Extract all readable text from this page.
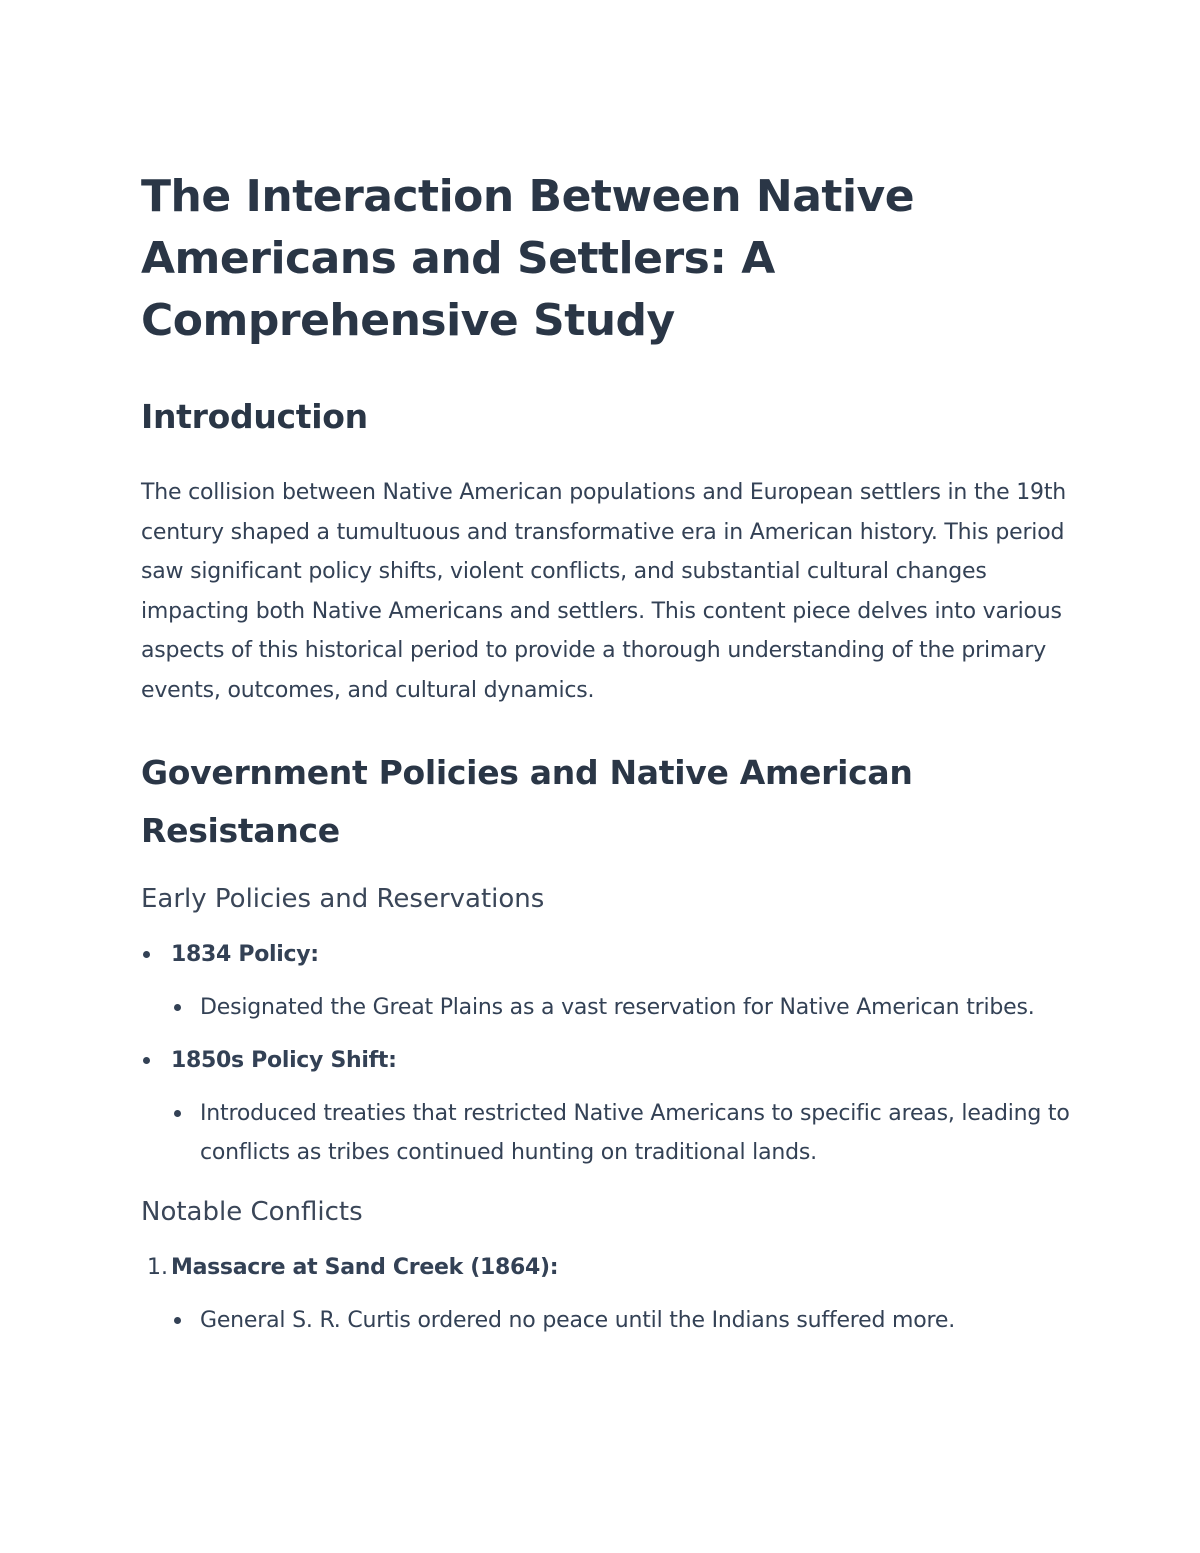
The Interaction Between Native Americans and Settlers: A Comprehensive Study
Introduction

The collision between Native American populations and European settlers in the 19th century shaped a tumultuous and transformative era in American history. This period saw significant policy shifts, violent conflicts, and substantial cultural changes impacting both Native Americans and settlers. This content piece delves into various aspects of this historical period to provide a thorough understanding of the primary events, outcomes, and cultural dynamics.

Government Policies and Native American Resistance
Early Policies and Reservations
1834 Policy:
Designated the Great Plains as a vast reservation for Native American tribes.
1850s Policy Shift:
Introduced treaties that restricted Native Americans to specific areas, leading to conflicts as tribes continued hunting on traditional lands.
Notable Conflicts
1. Massacre at Sand Creek (1864):
General S. R. Curtis ordered no peace until the Indians suffered more.
